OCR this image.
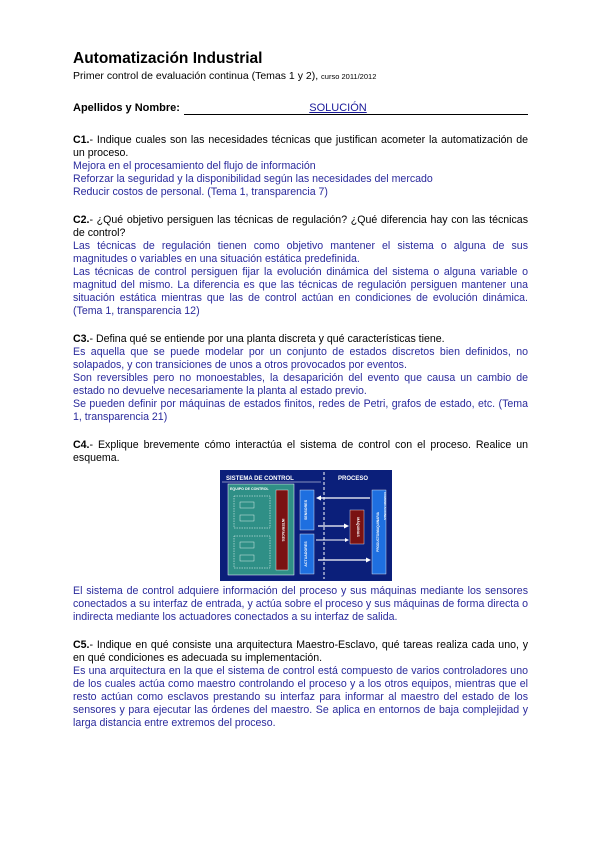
Automatización Industrial

Primer control de evaluación continua (Temas 1 y 2), curso 2011/2012

Apellidos y Nombre:	SOLUCIÓN

C1.- Indique cuales son las necesidades técnicas que justifican acometer la automatización de un proceso.

Mejora en el procesamiento del flujo de información

Reforzar la seguridad y la disponibilidad según las necesidades del mercado

Reducir costos de personal. (Tema 1, transparencia 7)

C2.- ¿Qué objetivo persiguen las técnicas de regulación? ¿Qué diferencia hay con las técnicas de control?

Las técnicas de regulación tienen como objetivo mantener el sistema o alguna de sus magnitudes o variables en una situación estática predefinida.

Las técnicas de control persiguen fijar la evolución dinámica del sistema o alguna variable o magnitud del mismo. La diferencia es que las técnicas de regulación persiguen mantener una situación estática mientras que las de control actúan en condiciones de evolución dinámica. (Tema 1, transparencia 12)

C3.- Defina qué se entiende por una planta discreta y qué características tiene.

Es aquella que se puede modelar por un conjunto de estados discretos bien definidos, no solapados, y con transiciones de unos a otros provocados por eventos.

Son reversibles pero no monoestables, la desaparición del evento que causa un cambio de estado no devuelve necesariamente la planta al estado previo.

Se pueden definir por máquinas de estados finitos, redes de Petri, grafos de estado, etc. (Tema 1, transparencia 21)

C4.- Explique brevemente cómo interactúa el sistema de control con el proceso. Realice un esquema.

SISTEMA DE CONTROL	PROCESO
EQUIPO DE CONTROL
INTERFACES
SENSORES
ACTUADORES
MÁQUINAS	PRODUCTO/MAQUINARIA
COMUNICACIONES

El sistema de control adquiere información del proceso y sus máquinas mediante los sensores conectados a su interfaz de entrada, y actúa sobre el proceso y sus máquinas de forma directa o indirecta mediante los actuadores conectados a su interfaz de salida.

C5.- Indique en qué consiste una arquitectura Maestro-Esclavo, qué tareas realiza cada uno, y en qué condiciones es adecuada su implementación.

Es una arquitectura en la que el sistema de control está compuesto de varios controladores uno de los cuales actúa como maestro controlando el proceso y a los otros equipos, mientras que el resto actúan como esclavos prestando su interfaz para informar al maestro del estado de los sensores y para ejecutar las órdenes del maestro. Se aplica en entornos de baja complejidad y larga distancia entre extremos del proceso.
